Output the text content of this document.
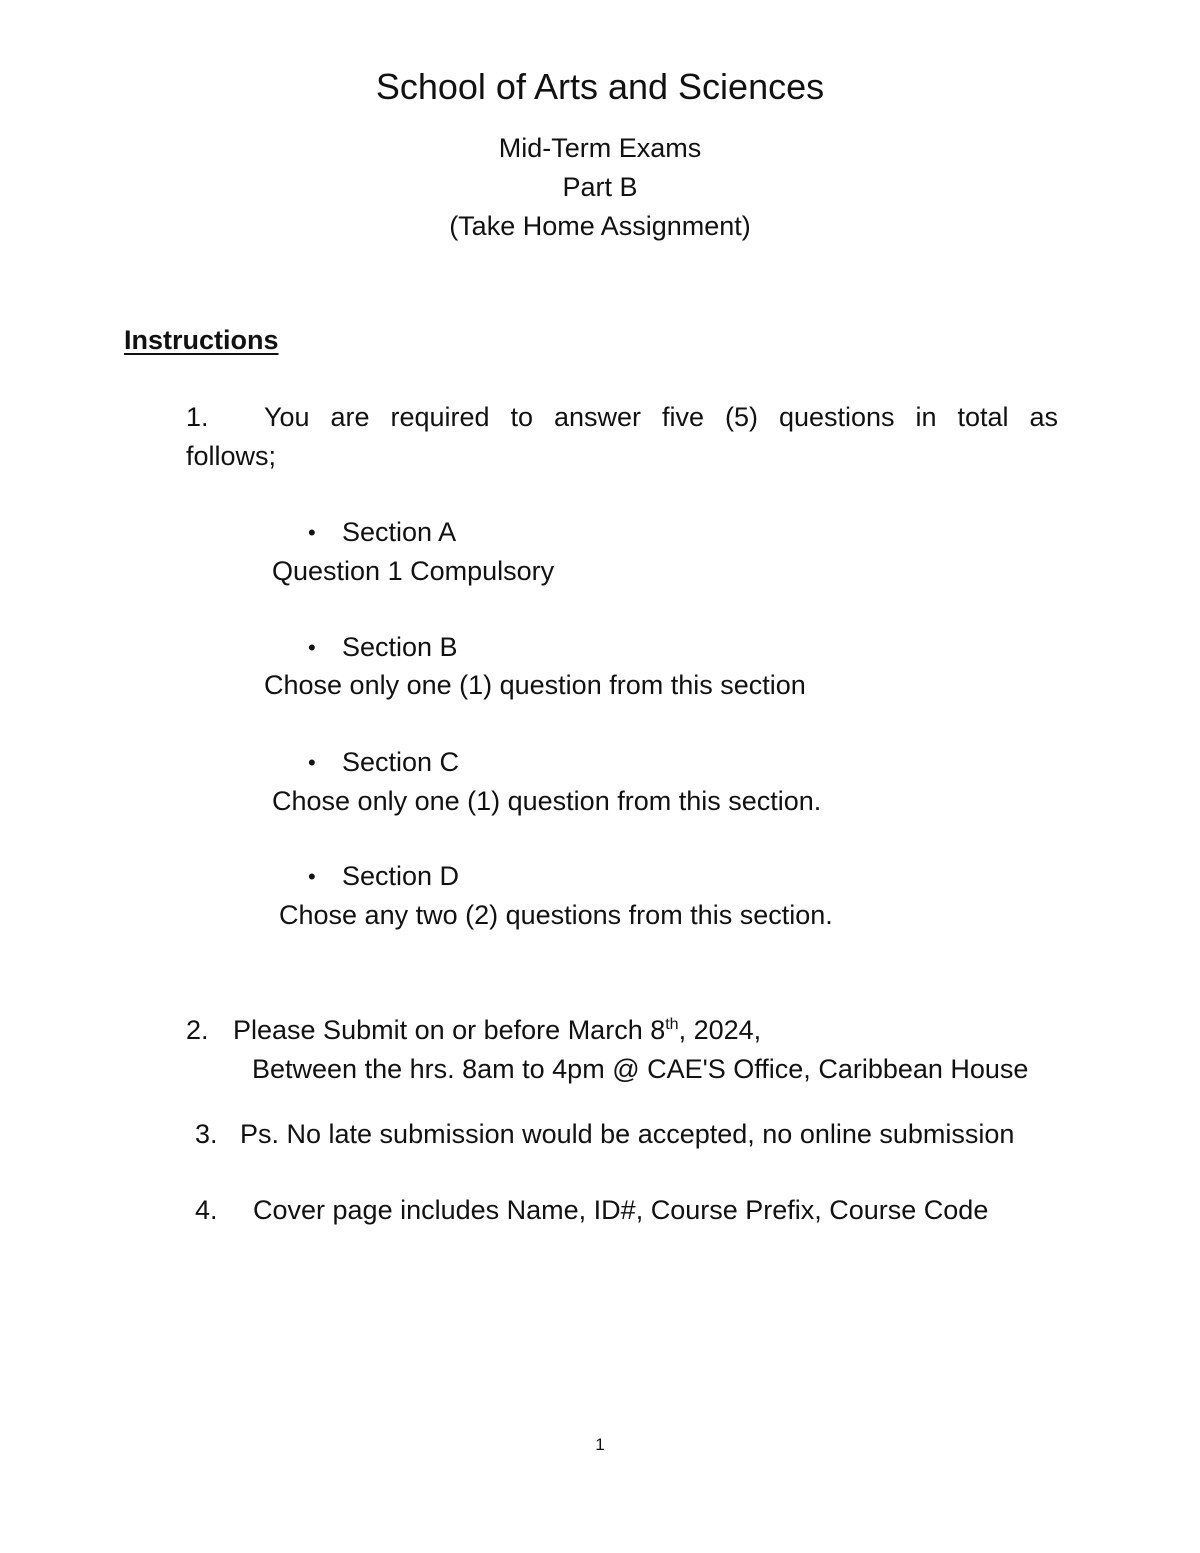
School of Arts and Sciences
Mid-Term Exams
Part B
(Take Home Assignment)
Instructions
1. You are required to answer five (5) questions in total as
follows;
• Section A
Question 1 Compulsory
• Section B
Chose only one (1) question from this section
• Section C
Chose only one (1) question from this section.
• Section D
Chose any two (2) questions from this section.
2. Please Submit on or before March 8th, 2024,
Between the hrs. 8am to 4pm @ CAE'S Office, Caribbean House
3. Ps. No late submission would be accepted, no online submission
4. Cover page includes Name, ID#, Course Prefix, Course Code
1
